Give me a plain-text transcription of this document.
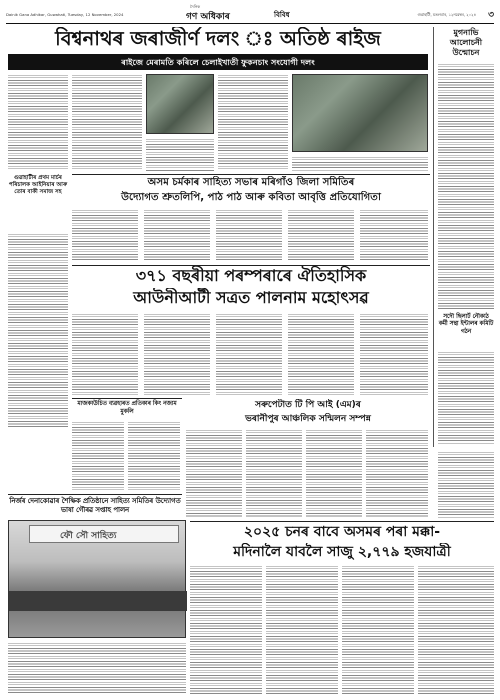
Dainik Gana Adhikar, Guwahati, Tuesday, 12 November, 2024
দৈনিক
গণ অধিকাৰ	বিবিধ	গুৱাহাটী, মঙলবাৰ, ১২নৱেম্বৰ, ২০২৪	৩
বিশ্বনাথৰ জৰাজীৰ্ণ দলং ঃ অতিষ্ঠ ৰাইজ
ৰাইজে মেৰামতি কৰিলে চেলাইখাতী ফুকনচাং সংযোগী দলং
মুগনাভি আলোচনী উন্মোচন
সদৌ ছিলাৰ্ট নৌকাঠ কৰ্মী সন্থা ইন্টালৰ কমিটি গঠন
গুৱাহাটীৰ প্ৰথম মাৰ্চৰ পৰিচালক আইনিয়াৰ আৰু তোৰ বাকী সমাজ সহ
অসম চৰ্মকাৰ সাহিত্য সভাৰ মৰিগাঁও জিলা সমিতিৰ
উদ্যোগত শ্ৰুতলিপি, পাঠ পাঠ আৰু কবিতা আবৃত্তি প্ৰতিযোগিতা
৩৭১ বছৰীয়া পৰম্পৰাৰে ঐতিহাসিক
আউনীআটী সত্ৰত পালনাম মহোৎসৱ
মাজকাউচিত ব্যৱহাৰত প্ৰতিকাৰ কিং নজাম মুকলি
সৰুপেটাত টি পি আই (এম)ৰ
ভৰানীপুৰ আঞ্চলিক সন্মিলন সম্পন্ন
নিৰ্জৰ দেনাকোৱাৰ শৈক্ষিক প্ৰতিষ্ঠানে সাহিত্য সমিতিৰ উদ্যোগত ভাষা গৌৰৱ সপ্তাহ পালন
ফৌ সৌ সাহিত্য	২০২৫ চনৰ বাবে অসমৰ পৰা মক্কা-
মদিনালৈ যাবলৈ সাজু ২,৭৭৯ হজযাত্ৰী
